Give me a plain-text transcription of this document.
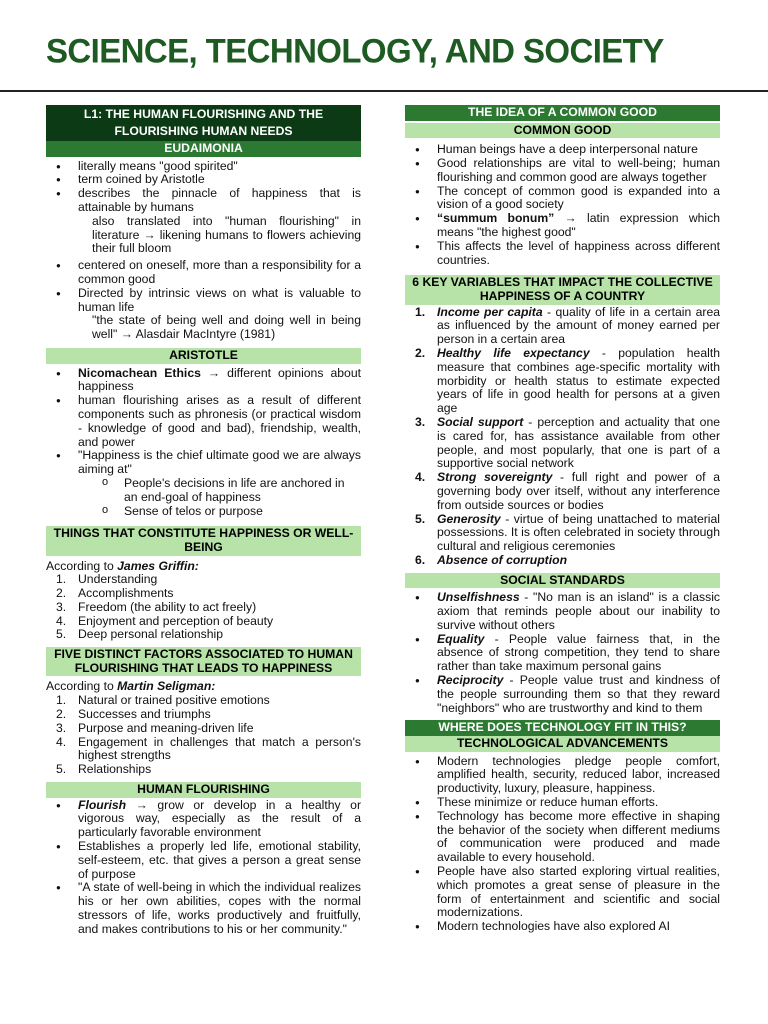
SCIENCE, TECHNOLOGY, AND SOCIETY
L1: THE HUMAN FLOURISHING AND THE FLOURISHING HUMAN NEEDS
EUDAIMONIA
● literally means "good spirited"
● term coined by Aristotle
● describes the pinnacle of happiness that is attainable by humans
also translated into "human flourishing" in literature → likening humans to flowers achieving their full bloom
● centered on oneself, more than a responsibility for a common good
● Directed by intrinsic views on what is valuable to human life
"the state of being well and doing well in being well" → Alasdair MacIntyre (1981)
ARISTOTLE
● Nicomachean Ethics → different opinions about happiness
● human flourishing arises as a result of different components such as phronesis (or practical wisdom - knowledge of good and bad), friendship, wealth, and power
● "Happiness is the chief ultimate good we are always aiming at"
o People's decisions in life are anchored in an end-goal of happiness
o Sense of telos or purpose
THINGS THAT CONSTITUTE HAPPINESS OR WELL-BEING
According to James Griffin:
1. Understanding
2. Accomplishments
3. Freedom (the ability to act freely)
4. Enjoyment and perception of beauty
5. Deep personal relationship
FIVE DISTINCT FACTORS ASSOCIATED TO HUMAN FLOURISHING THAT LEADS TO HAPPINESS
According to Martin Seligman:
1. Natural or trained positive emotions
2. Successes and triumphs
3. Purpose and meaning-driven life
4. Engagement in challenges that match a person's highest strengths
5. Relationships
HUMAN FLOURISHING
● Flourish → grow or develop in a healthy or vigorous way, especially as the result of a particularly favorable environment
● Establishes a properly led life, emotional stability, self-esteem, etc. that gives a person a great sense of purpose
● "A state of well-being in which the individual realizes his or her own abilities, copes with the normal stressors of life, works productively and fruitfully, and makes contributions to his or her community."
THE IDEA OF A COMMON GOOD
COMMON GOOD
● Human beings have a deep interpersonal nature
● Good relationships are vital to well-being; human flourishing and common good are always together
● The concept of common good is expanded into a vision of a good society
● “summum bonum” → latin expression which means "the highest good"
● This affects the level of happiness across different countries.
6 KEY VARIABLES THAT IMPACT THE COLLECTIVE HAPPINESS OF A COUNTRY
1. Income per capita - quality of life in a certain area as influenced by the amount of money earned per person in a certain area
2. Healthy life expectancy - population health measure that combines age-specific mortality with morbidity or health status to estimate expected years of life in good health for persons at a given age
3. Social support - perception and actuality that one is cared for, has assistance available from other people, and most popularly, that one is part of a supportive social network
4. Strong sovereignty - full right and power of a governing body over itself, without any interference from outside sources or bodies
5. Generosity - virtue of being unattached to material possessions. It is often celebrated in society through cultural and religious ceremonies
6. Absence of corruption
SOCIAL STANDARDS
● Unselfishness - "No man is an island" is a classic axiom that reminds people about our inability to survive without others
● Equality - People value fairness that, in the absence of strong competition, they tend to share rather than take maximum personal gains
● Reciprocity - People value trust and kindness of the people surrounding them so that they reward "neighbors" who are trustworthy and kind to them
WHERE DOES TECHNOLOGY FIT IN THIS?
TECHNOLOGICAL ADVANCEMENTS
● Modern technologies pledge people comfort, amplified health, security, reduced labor, increased productivity, luxury, pleasure, happiness.
● These minimize or reduce human efforts.
● Technology has become more effective in shaping the behavior of the society when different mediums of communication were produced and made available to every household.
● People have also started exploring virtual realities, which promotes a great sense of pleasure in the form of entertainment and scientific and social modernizations.
● Modern technologies have also explored AI
